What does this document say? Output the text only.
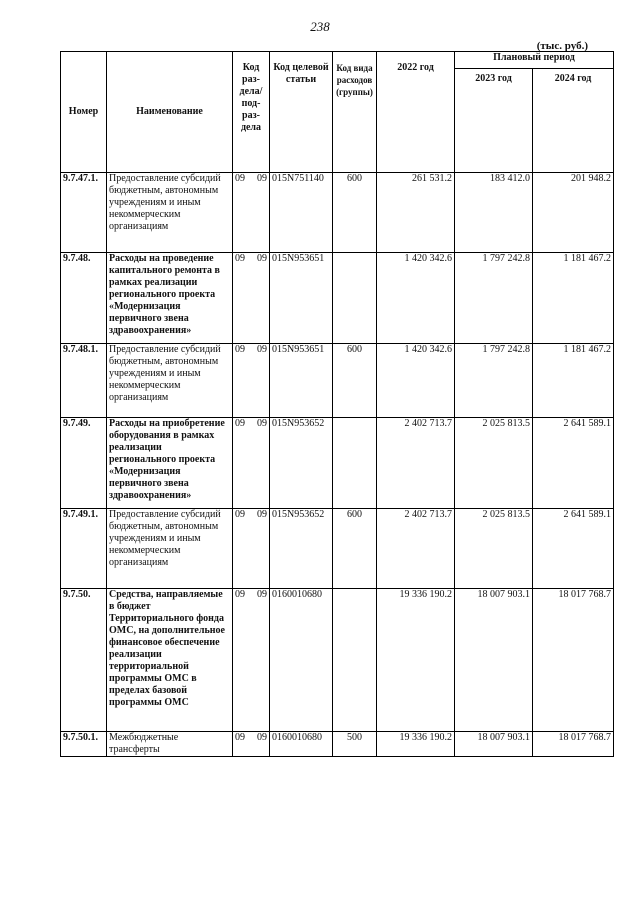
238
(тыс. руб.)
Номер	Наименование	Код раз-дела/ под-раз-дела	Код целевой статьи	Код вида расходов (группы)	2022 год	Плановый период	
						2023 год	2024 год
9.7.47.1.	Предоставление субсидий бюджетным, автономным учреждениям и иным некоммерческим организациям	09 09	015N751140	600	261 531.2	183 412.0	201 948.2
9.7.48.	Расходы на проведение капитального ремонта в рамках реализации регионального проекта «Модернизация первичного звена здравоохранения»	09 09	015N953651		1 420 342.6	1 797 242.8	1 181 467.2
9.7.48.1.	Предоставление субсидий бюджетным, автономным учреждениям и иным некоммерческим организациям	09 09	015N953651	600	1 420 342.6	1 797 242.8	1 181 467.2
9.7.49.	Расходы на приобретение оборудования в рамках реализации регионального проекта «Модернизация первичного звена здравоохранения»	09 09	015N953652		2 402 713.7	2 025 813.5	2 641 589.1
9.7.49.1.	Предоставление субсидий бюджетным, автономным учреждениям и иным некоммерческим организациям	09 09	015N953652	600	2 402 713.7	2 025 813.5	2 641 589.1
9.7.50.	Средства, направляемые в бюджет Территориального фонда ОМС, на дополнительное финансовое обеспечение реализации территориальной программы ОМС в пределах базовой программы ОМС	09 09	0160010680		19 336 190.2	18 007 903.1	18 017 768.7
9.7.50.1.	Межбюджетные трансферты	09 09	0160010680	500	19 336 190.2	18 007 903.1	18 017 768.7
